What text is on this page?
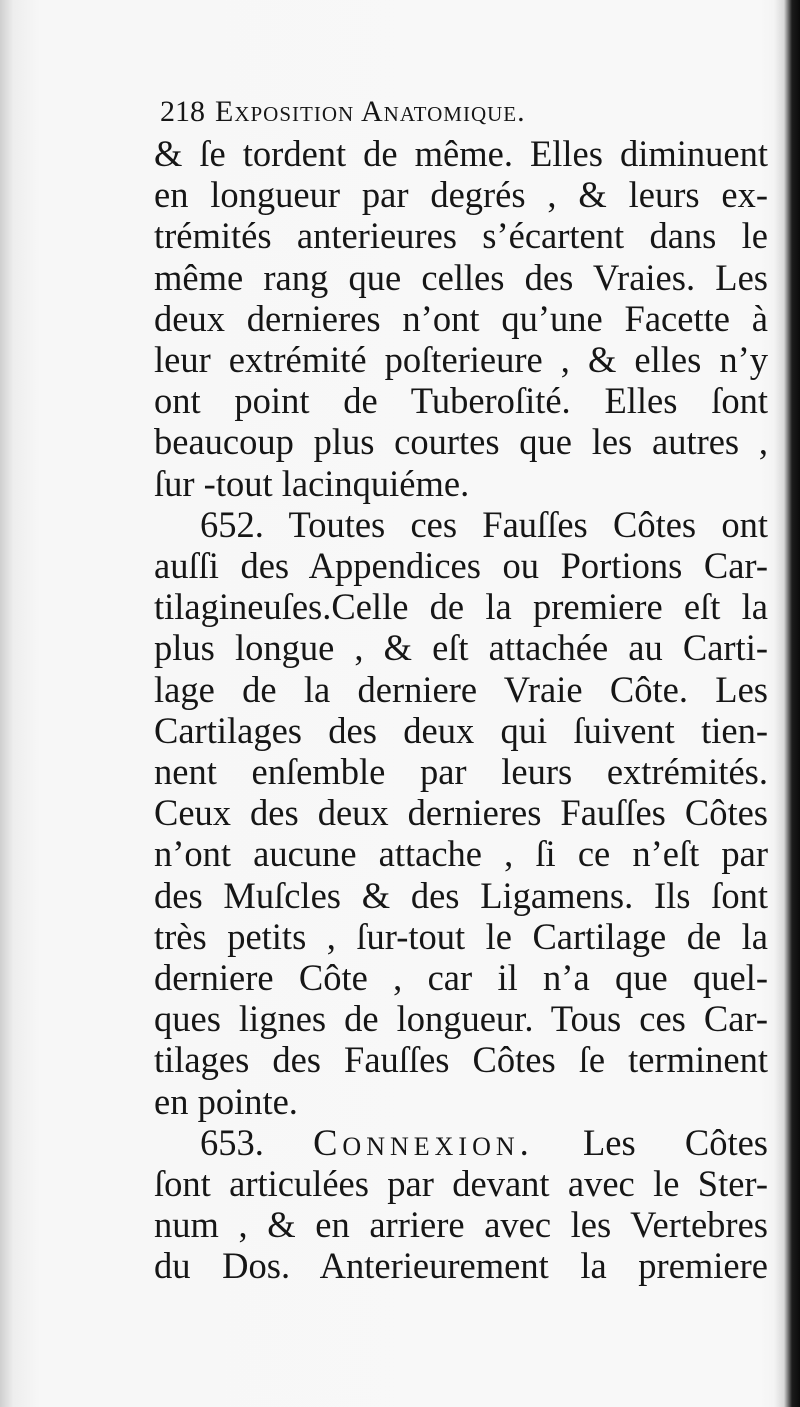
218 Exposition Anatomique.
& ſe tordent de même. Elles diminuent
en longueur par degrés , & leurs ex-
trémités anterieures s’écartent dans le
même rang que celles des Vraies. Les
deux dernieres n’ont qu’une Facette à
leur extrémité poſterieure , & elles n’y
ont point de Tuberoſité. Elles ſont
beaucoup plus courtes que les autres ,
ſur -tout lacinquiéme.
652. Toutes ces Fauſſes Côtes ont
auſſi des Appendices ou Portions Car-
tilagineuſes.Celle de la premiere eſt la
plus longue , & eſt attachée au Carti-
lage de la derniere Vraie Côte. Les
Cartilages des deux qui ſuivent tien-
nent enſemble par leurs extrémités.
Ceux des deux dernieres Fauſſes Côtes
n’ont aucune attache , ſi ce n’eſt par
des Muſcles & des Ligamens. Ils ſont
très petits , ſur-tout le Cartilage de la
derniere Côte , car il n’a que quel-
ques lignes de longueur. Tous ces Car-
tilages des Fauſſes Côtes ſe terminent
en pointe.
653. Connexion. Les Côtes
ſont articulées par devant avec le Ster-
num , & en arriere avec les Vertebres
du Dos. Anterieurement la premiere
